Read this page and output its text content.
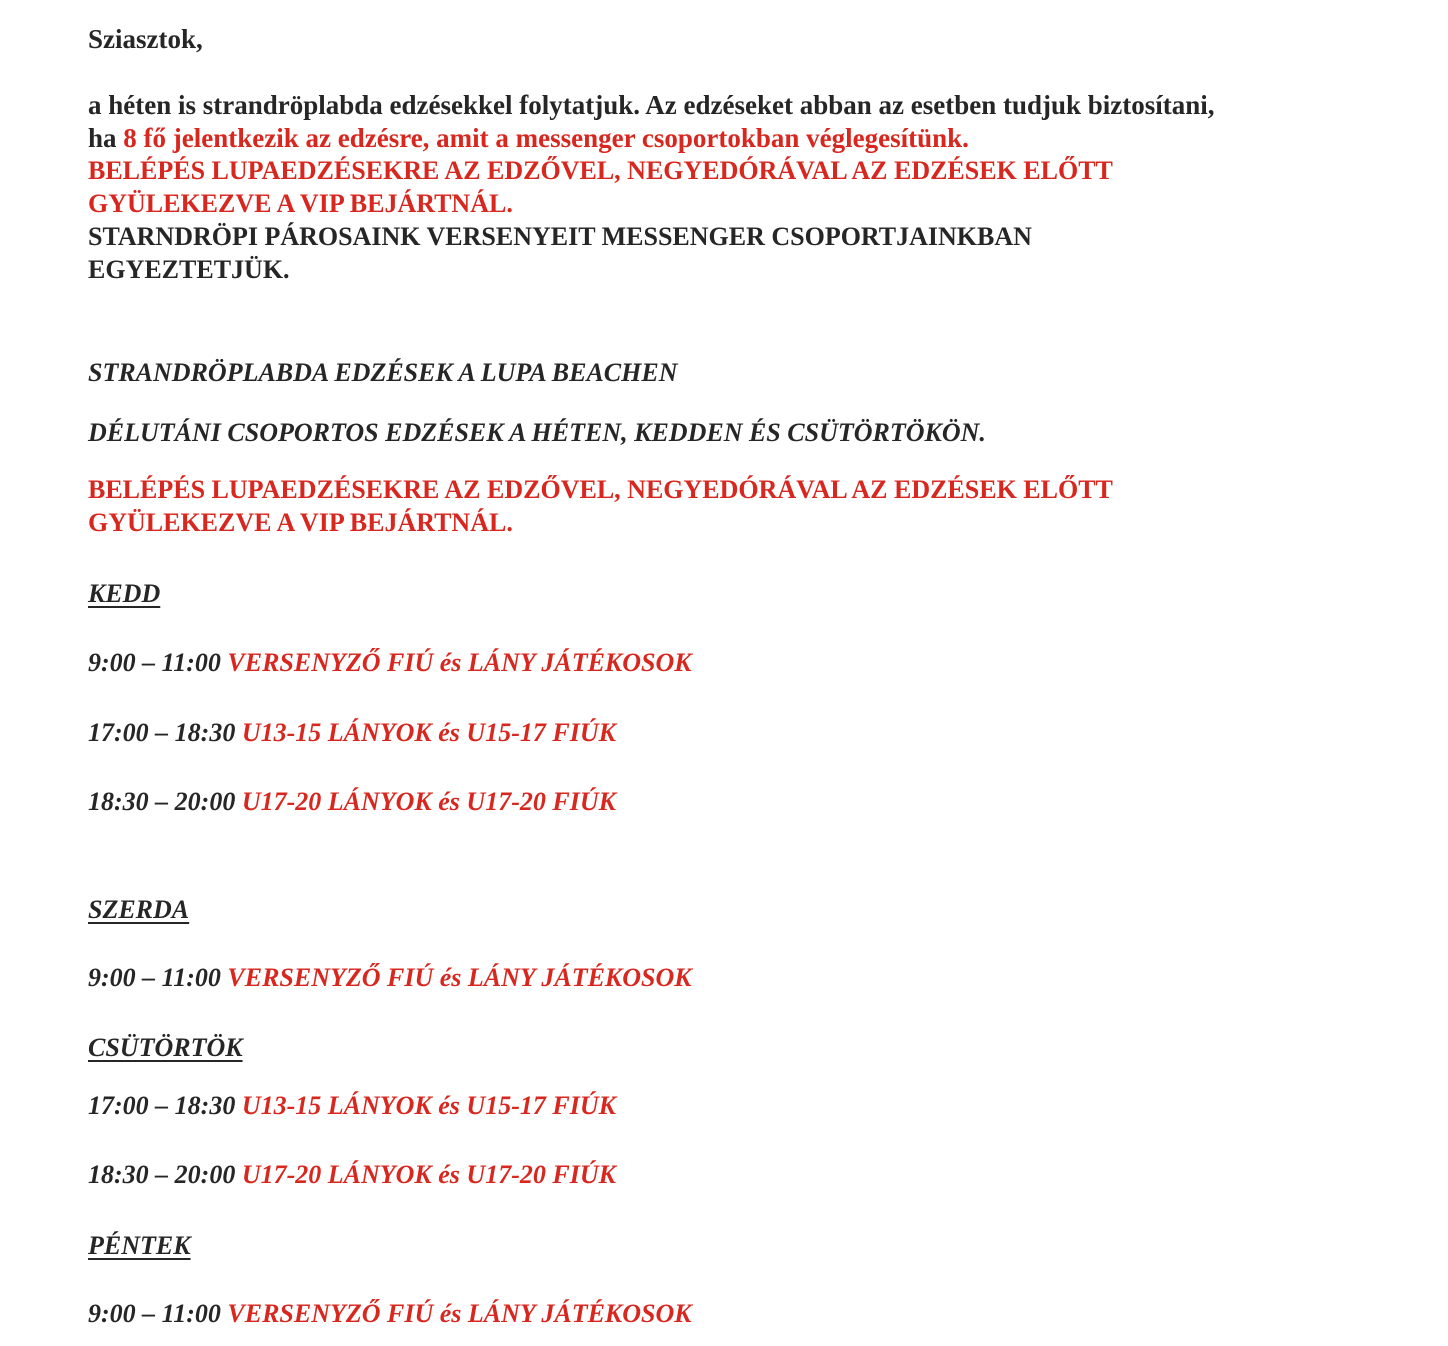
Sziasztok,
a héten is strandröplabda edzésekkel folytatjuk. Az edzéseket abban az esetben tudjuk biztosítani,
ha 8 fő jelentkezik az edzésre, amit a messenger csoportokban véglegesítünk.
BELÉPÉS LUPAEDZÉSEKRE AZ EDZŐVEL, NEGYEDÓRÁVAL AZ EDZÉSEK ELŐTT
GYÜLEKEZVE A VIP BEJÁRTNÁL.
STARNDRÖPI PÁROSAINK VERSENYEIT MESSENGER CSOPORTJAINKBAN
EGYEZTETJÜK.
STRANDRÖPLABDA EDZÉSEK A LUPA BEACHEN
DÉLUTÁNI CSOPORTOS EDZÉSEK A HÉTEN, KEDDEN ÉS CSÜTÖRTÖKÖN.
BELÉPÉS LUPAEDZÉSEKRE AZ EDZŐVEL, NEGYEDÓRÁVAL AZ EDZÉSEK ELŐTT
GYÜLEKEZVE A VIP BEJÁRTNÁL.
KEDD
9:00 – 11:00 VERSENYZŐ FIÚ és LÁNY JÁTÉKOSOK
17:00 – 18:30 U13-15 LÁNYOK és U15-17 FIÚK
18:30 – 20:00 U17-20 LÁNYOK és U17-20 FIÚK
SZERDA
9:00 – 11:00 VERSENYZŐ FIÚ és LÁNY JÁTÉKOSOK
CSÜTÖRTÖK
17:00 – 18:30 U13-15 LÁNYOK és U15-17 FIÚK
18:30 – 20:00 U17-20 LÁNYOK és U17-20 FIÚK
PÉNTEK
9:00 – 11:00 VERSENYZŐ FIÚ és LÁNY JÁTÉKOSOK
